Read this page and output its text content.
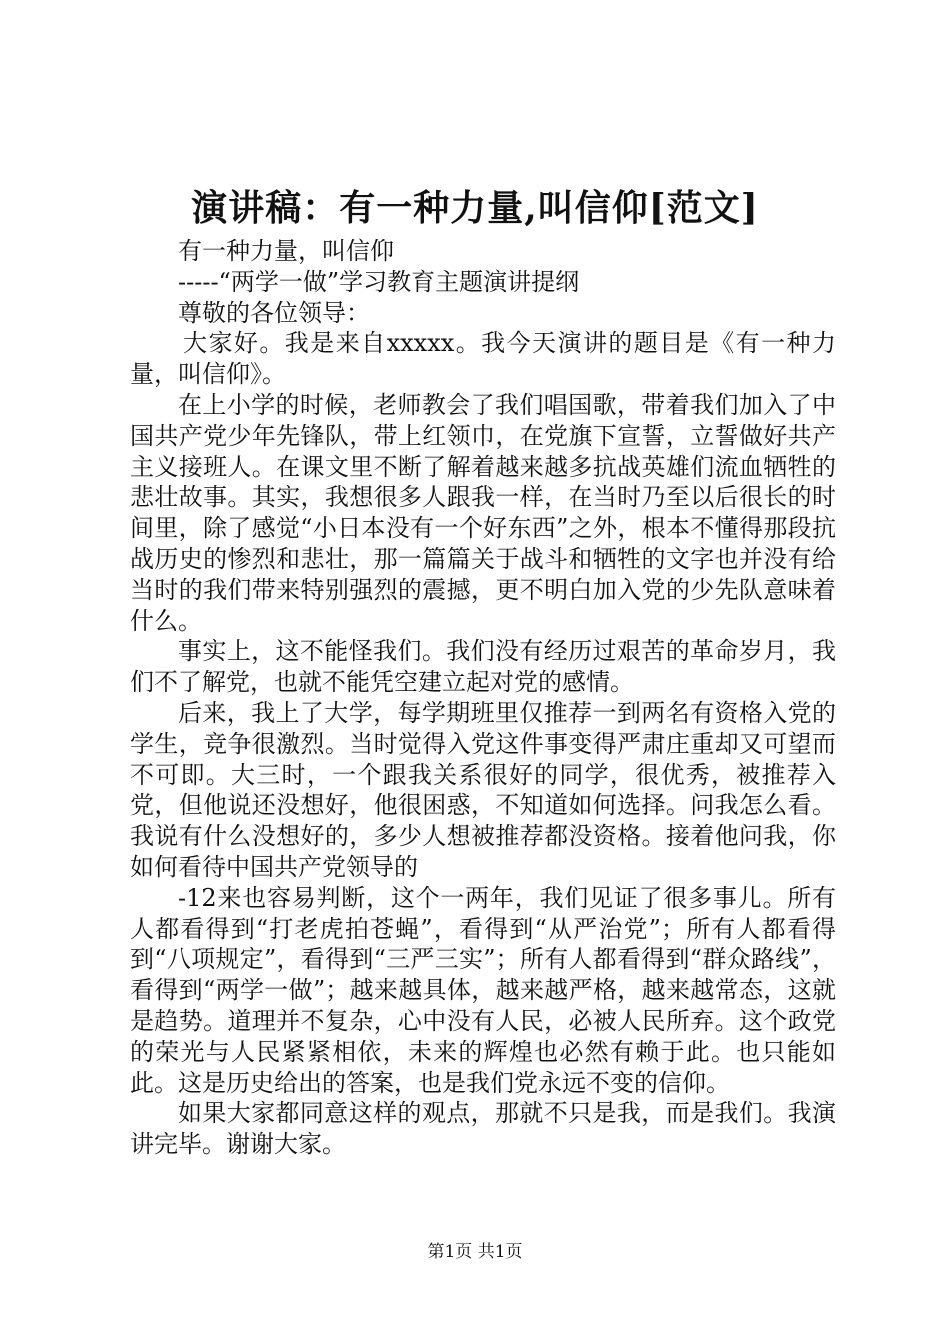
演讲稿：有一种力量,叫信仰[范文]

有一种力量，叫信仰

-----“两学一做”学习教育主题演讲提纲

尊敬的各位领导：

大家好。我是来自xxxxx。我今天演讲的题目是《有一种力量，叫信仰》。

在上小学的时候，老师教会了我们唱国歌，带着我们加入了中国共产党少年先锋队，带上红领巾，在党旗下宣誓，立誓做好共产主义接班人。在课文里不断了解着越来越多抗战英雄们流血牺牲的悲壮故事。其实，我想很多人跟我一样，在当时乃至以后很长的时间里，除了感觉“小日本没有一个好东西”之外，根本不懂得那段抗战历史的惨烈和悲壮，那一篇篇关于战斗和牺牲的文字也并没有给当时的我们带来特别强烈的震撼，更不明白加入党的少先队意味着什么。

事实上，这不能怪我们。我们没有经历过艰苦的革命岁月，我们不了解党，也就不能凭空建立起对党的感情。

后来，我上了大学，每学期班里仅推荐一到两名有资格入党的学生，竞争很激烈。当时觉得入党这件事变得严肃庄重却又可望而不可即。大三时，一个跟我关系很好的同学，很优秀，被推荐入党，但他说还没想好，他很困惑，不知道如何选择。问我怎么看。我说有什么没想好的，多少人想被推荐都没资格。接着他问我，你如何看待中国共产党领导的

-12来也容易判断，这个一两年，我们见证了很多事儿。所有人都看得到“打老虎拍苍蝇”，看得到“从严治党”；所有人都看得到“八项规定”，看得到“三严三实”；所有人都看得到“群众路线”，看得到“两学一做”；越来越具体，越来越严格，越来越常态，这就是趋势。道理并不复杂，心中没有人民，必被人民所弃。这个政党的荣光与人民紧紧相依，未来的辉煌也必然有赖于此。也只能如此。这是历史给出的答案，也是我们党永远不变的信仰。

如果大家都同意这样的观点，那就不只是我，而是我们。我演讲完毕。谢谢大家。

第1页 共1页
